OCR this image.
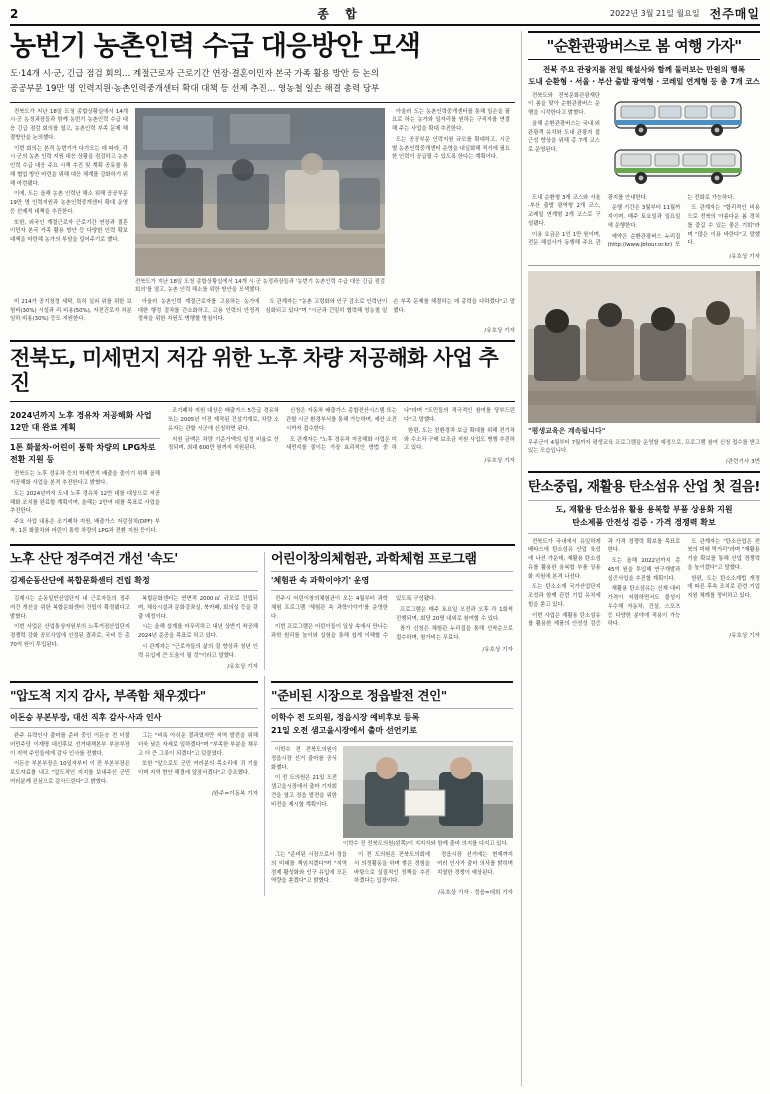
2	종 합	2022년 3월 21일 월요일 전주매일
농번기 농촌인력 수급 대응방안 모색
도·14개 시·군, 긴급 점검 회의… 계절근로자 근로기간 연장·결혼이민자 본국 가족 활용 방안 등 논의
공공부문 19만 명 인력지원·농촌인력중개센터 확대 대책 등 선제 추진… 영농철 일손 해결 총력 당부

전북도가 지난 18일 도청 종합상황실에서 14개 시·군 농정과장들과 함께 농번기 농촌인력 수급 대응 긴급 점검 회의를 열고, 농촌인력 부족 문제 해결방안을 논의했다.

이번 회의는 본격 농번기가 다가오는 데 따라, 각 시·군의 농촌 인력 지원 대응 상황을 점검하고 농촌인력 수급 대응 주요 시책 추진 및 계획 공유를 통해 협업 방안 마련을 위해 대응 체계를 강화하기 위해 마련됐다.

이에, 도는 올해 농촌 인력난 해소 위해 공공부문 19만 명 인력지원과 농촌인력중개센터 확대 운영 등 선제적 대책을 추진한다.

또한, 외국인 계절근로자 근로기간 연장과 결혼이민자 본국 가족 활용 방안 등 다양한 인력 확보 대책을 마련해 농가의 부담을 덜어주기로 했다.

전북도가 지난 18일 도청 종합상황실에서 14개 시·군 농정과장들과 '농번기 농촌인력 수급 대응 긴급 점검 회의'를 열고, 농촌 인력 해소를 위한 방안을 모색했다.

아울러 도는 농촌인력중개센터를 통해 일손을 필요로 하는 농가와 일자리를 원하는 구직자를 연결해 주는 사업을 확대 추진한다.

도는 공공부문 인력지원 규모를 확대하고, 시군별 농촌인력중개센터 운영을 내실화해 적기에 필요한 인력이 공급될 수 있도록 한다는 계획이다.

미 214가 공기청정 세탁, 특히 실외 위를 위한 보험비(30%) 시설과 리 비용(50%), 자전건로자 처분 임하 비용(30%) 등도 지원한다.

아울러 농촌인력 계절근로자를 고용하는 농가에 대한 행정 절차를 간소화하고, 고용 인력의 안정적 정착을 위한 지원도 병행할 방침이다.

도 관계자는 "농촌 고령화와 인구 감소로 인력난이 심화되고 있다"며 "시군과 긴밀히 협력해 영농철 일손 부족 문제를 해결하는 데 총력을 다하겠다"고 말했다.

/유호상 기자
전북도, 미세먼지 저감 위한 노후 차량 저공해화 사업 추진
2024년까지 노후 경유차 저공해화 사업 12만 대 완료 계획
1톤 화물차·어린이 통학 차량의 LPG차로 전환 지원 등

전북도는 노후 경유차 등의 미세먼지 배출을 줄이기 위해 올해 저공해화 사업을 본격 추진한다고 밝혔다.

도는 2024년까지 도내 노후 경유차 12만 대를 대상으로 저공해화 조치를 완료할 계획이며, 올해는 2만여 대를 목표로 사업을 추진한다.

주요 사업 내용은 조기폐차 지원, 배출가스 저감장치(DPF) 부착, 1톤 화물차와 어린이 통학 차량의 LPG차 전환 지원 등이다.

조기폐차 지원 대상은 배출가스 5등급 경유차 또는 2005년 이전 제작된 건설기계로, 차량 소유자는 관할 시군에 신청하면 된다.

지원 금액은 차량 기준가액의 일정 비율로 산정되며, 최대 600만 원까지 지원된다.

신청은 자동차 배출가스 종합전산시스템 또는 관할 시군 환경부서를 통해 가능하며, 예산 소진 시까지 접수한다.

도 관계자는 "노후 경유차 저공해화 사업은 미세먼지를 줄이는 가장 효과적인 방법 중 하나"라며 "도민들의 적극적인 참여를 당부드린다"고 말했다.

한편, 도는 친환경차 보급 확대를 위해 전기차와 수소차 구매 보조금 지원 사업도 병행 추진하고 있다.

/유호상 기자
노후 산단 정주여건 개선 '속도'
김제순동산단에 복합문화센터 건립 확정

김제시는 순동일반산업단지 내 근로자들의 정주여건 개선을 위한 복합문화센터 건립이 확정됐다고 밝혔다.

이번 사업은 산업통상자원부의 노후거점산업단지 경쟁력 강화 공모사업에 선정된 결과로, 국비 등 총 70억 원이 투입된다.

복합문화센터는 연면적 2000㎡ 규모로 건립되며, 체육시설과 문화강좌실, 북카페, 회의실 등을 갖출 예정이다.

시는 올해 설계를 마무리하고 내년 상반기 착공해 2024년 준공을 목표로 하고 있다.

시 관계자는 "근로자들의 삶의 질 향상과 청년 인력 유입에 큰 도움이 될 것"이라고 말했다.

/유호상 기자
어린이창의체험관, 과학체험 프로그램
'체험관 속 과학이야기' 운영

전주시 어린이창의체험관이 오는 4월부터 과학체험 프로그램 '체험관 속 과학이야기'를 운영한다.

이번 프로그램은 어린이들이 일상 속에서 만나는 과학 원리를 놀이와 실험을 통해 쉽게 이해할 수 있도록 구성됐다.

프로그램은 매주 토요일 오전과 오후 각 1회씩 진행되며, 회당 20명 내외로 참여할 수 있다.

참가 신청은 체험관 누리집을 통해 선착순으로 접수하며, 참가비는 무료다.

/유호상 기자
"압도적 지지 감사, 부족함 채우겠다"
이돈승 부본부장, 대선 직후 감사·사과 인사

완주 유력인사 출마를 준비 중인 이돈승 전 더불어민주당 이재명 대선후보 선거대책본부 부본부장이 지역 주민들에게 감사 인사를 전했다.

이돈승 부본부장은 10일자부터 이 전 부본부장은 보도자료를 내고 "압도적인 지지를 보내주신 군민 여러분께 진심으로 감사드린다"고 밝혔다.

그는 "비록 아쉬운 결과였지만 지역 발전을 위해 더욱 낮은 자세로 일하겠다"며 "부족한 부분을 채우고 더 큰 그릇이 되겠다"고 덧붙였다.

또한 "앞으로도 군민 여러분의 목소리에 귀 기울이며 지역 현안 해결에 앞장서겠다"고 강조했다.

/완주=이동복 기자
"준비된 시장으로 정읍발전 견인"
이학수 전 도의원, 정읍시장 예비후보 등록
21일 오전 샘고을시장에서 출마 선언키로

이학수 전 전북도의원이 정읍시장 선거 출마를 공식화했다.

이 전 도의원은 21일 오전 샘고을시장에서 출마 기자회견을 열고 정읍 발전을 위한 비전을 제시할 계획이다.

이학수 전 전북도의원(왼쪽)이 지지자와 함께 출마 의지를 다지고 있다.

그는 "준비된 시장으로서 정읍의 미래를 책임지겠다"며 "지역 경제 활성화와 인구 유입에 모든 역량을 쏟겠다"고 밝혔다.

이 전 도의원은 전북도의회에서 의정활동을 하며 쌓은 경험을 바탕으로 실질적인 정책을 추진하겠다는 입장이다.

정읍시장 선거에는 현재까지 여러 인사가 출마 의사를 밝히며 치열한 경쟁이 예상된다.

/유호상 기자 · 정읍=대희 기자
"순환관광버스로 봄 여행 가자"
전북 주요 관광지를 전일 해설사와 함께 둘러보는 만원의 행복
도내 순환형 · 서울 · 부산 출발 광역형 · 코레일 연계형 등 총 7개 코스

전북도와 전북문화관광재단이 봄을 맞아 순환관광버스 운행을 시작한다고 밝혔다.

올해 순환관광버스는 국내·외 관광객 유치와 도내 관광지 접근성 향상을 위해 총 7개 코스로 운영된다.

도내 순환형 3개 코스와 서울·부산 출발 광역형 2개 코스, 코레일 연계형 2개 코스로 구성됐다.

이용 요금은 1인 1만 원이며, 전문 해설사가 동행해 주요 관광지를 안내한다.

운행 기간은 3월부터 11월까지이며, 매주 토요일과 일요일에 운행한다.

예약은 순환관광버스 누리집(http://www.jbtour.or.kr) 또는 전화로 가능하다.

도 관계자는 "합리적인 비용으로 전북의 아름다운 봄 경치를 즐길 수 있는 좋은 기회"라며 "많은 이용 바란다"고 말했다.

/유호상 기자
"평생교육은 계속됩니다"
무주군이 4월부터 7월까지 평생교육 프로그램을 운영할 예정으로, 프로그램 참여 신청 접수를 받고 있는 모습입니다.
/관련기사 3면
탄소중립, 재활용 탄소섬유 산업 첫 걸음!
도, 재활용 탄소섬유 활용 용복합 부품 상용화 지원
탄소제품 안전성 검증 · 가격 경쟁력 확보

전북도가 국내에서 유일하게 베타스에 탄소섬유 산업 육성에 나선 가운데, 재활용 탄소섬유를 활용한 융복합 부품 상용화 지원에 본격 나선다.

도는 탄소소재 국가산업단지 조성과 함께 관련 기업 유치에 힘을 쏟고 있다.

이번 사업은 재활용 탄소섬유를 활용한 제품의 안전성 검증과 가격 경쟁력 확보를 목표로 한다.

도는 올해 2022년까지 총 45억 원을 투입해 연구개발과 실증사업을 추진할 계획이다.

재활용 탄소섬유는 신재 대비 가격이 저렴하면서도 물성이 우수해 자동차, 건설, 스포츠 등 다양한 분야에 적용이 가능하다.

도 관계자는 "탄소산업은 전북의 미래 먹거리"라며 "재활용 기술 확보를 통해 산업 경쟁력을 높이겠다"고 말했다.

한편, 도는 탄소소재법 개정에 따른 후속 조치로 관련 기업 지원 체계를 정비하고 있다.

/유호상 기자
